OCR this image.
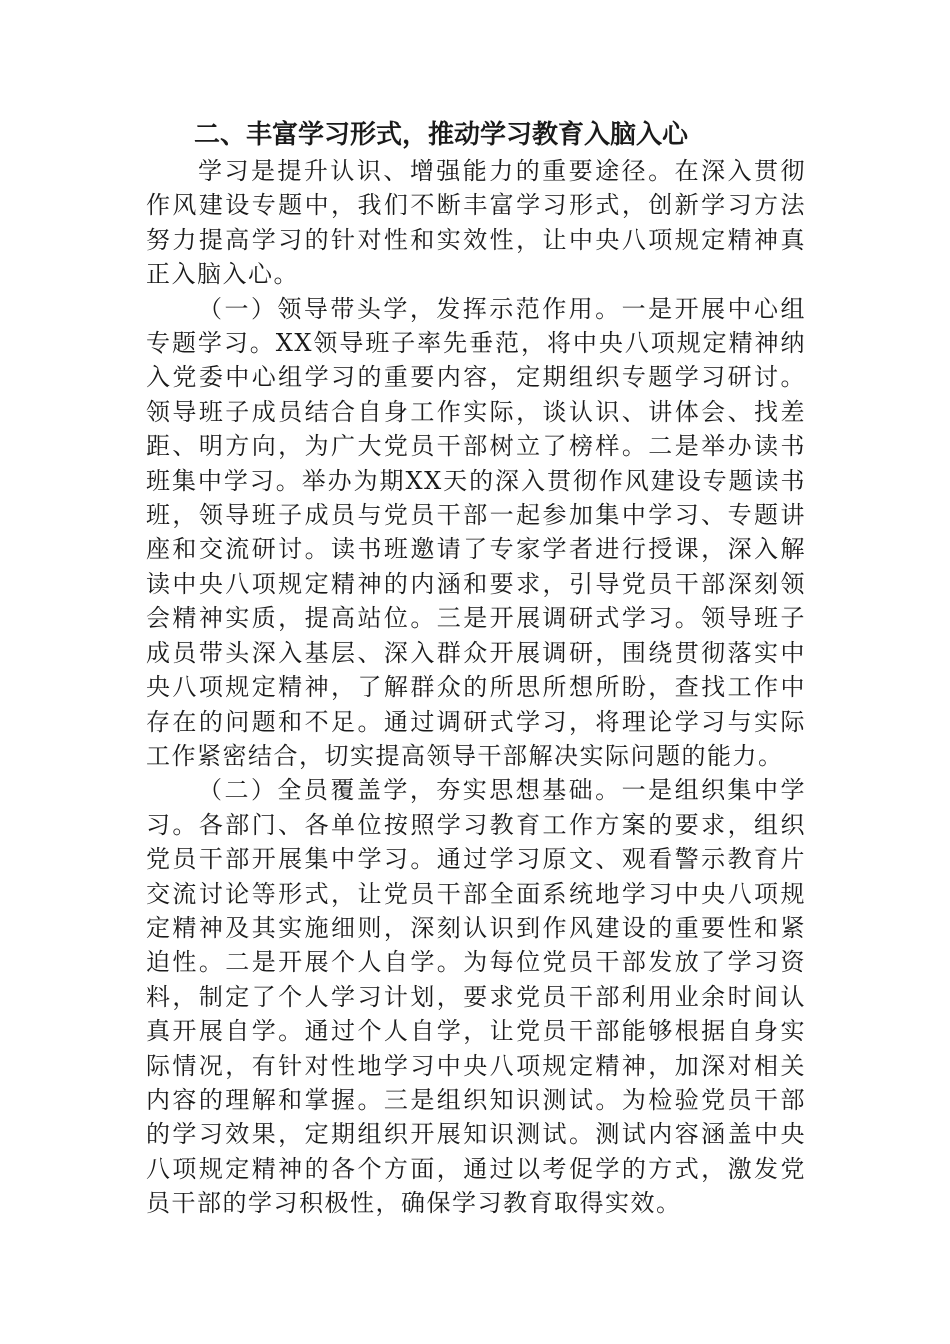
二、丰富学习形式，推动学习教育入脑入心

学习是提升认识、增强能力的重要途径。在深入贯彻作风建设专题中，我们不断丰富学习形式，创新学习方法努力提高学习的针对性和实效性，让中央八项规定精神真正入脑入心。

（一）领导带头学，发挥示范作用。一是开展中心组专题学习。XX领导班子率先垂范，将中央八项规定精神纳入党委中心组学习的重要内容，定期组织专题学习研讨。领导班子成员结合自身工作实际，谈认识、讲体会、找差距、明方向，为广大党员干部树立了榜样。二是举办读书班集中学习。举办为期XX天的深入贯彻作风建设专题读书班，领导班子成员与党员干部一起参加集中学习、专题讲座和交流研讨。读书班邀请了专家学者进行授课，深入解读中央八项规定精神的内涵和要求，引导党员干部深刻领会精神实质，提高站位。三是开展调研式学习。领导班子成员带头深入基层、深入群众开展调研，围绕贯彻落实中央八项规定精神，了解群众的所思所想所盼，查找工作中存在的问题和不足。通过调研式学习，将理论学习与实际工作紧密结合，切实提高领导干部解决实际问题的能力。

（二）全员覆盖学，夯实思想基础。一是组织集中学习。各部门、各单位按照学习教育工作方案的要求，组织党员干部开展集中学习。通过学习原文、观看警示教育片交流讨论等形式，让党员干部全面系统地学习中央八项规定精神及其实施细则，深刻认识到作风建设的重要性和紧迫性。二是开展个人自学。为每位党员干部发放了学习资料，制定了个人学习计划，要求党员干部利用业余时间认真开展自学。通过个人自学，让党员干部能够根据自身实际情况，有针对性地学习中央八项规定精神，加深对相关内容的理解和掌握。三是组织知识测试。为检验党员干部的学习效果，定期组织开展知识测试。测试内容涵盖中央八项规定精神的各个方面，通过以考促学的方式，激发党员干部的学习积极性，确保学习教育取得实效。
